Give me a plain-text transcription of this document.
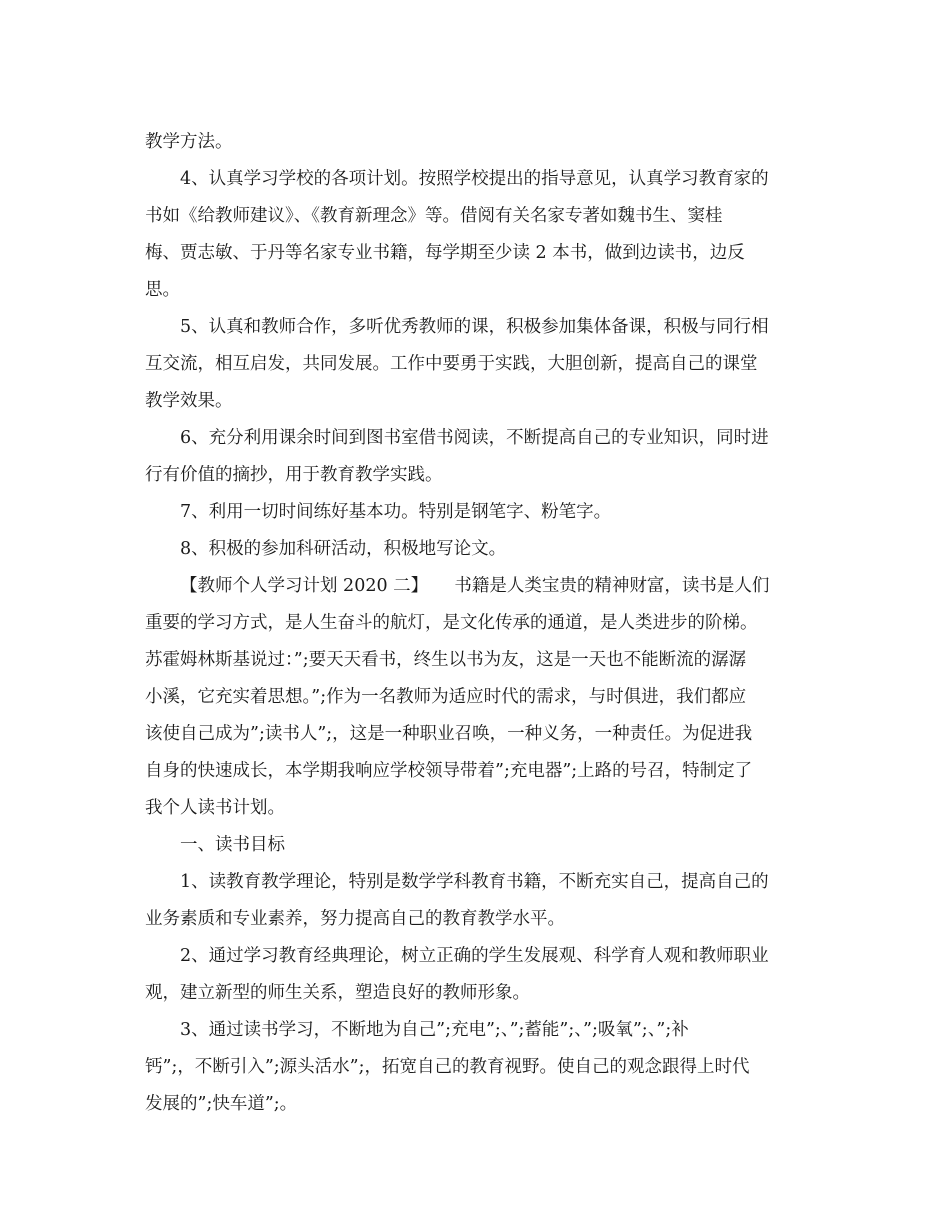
教学方法。
4、认真学习学校的各项计划。按照学校提出的指导意见，认真学习教育家的
书如《给教师建议》、《教育新理念》等。借阅有关名家专著如魏书生、窦桂
梅、贾志敏、于丹等名家专业书籍，每学期至少读 2 本书，做到边读书，边反
思。
5、认真和教师合作，多听优秀教师的课，积极参加集体备课，积极与同行相
互交流，相互启发，共同发展。工作中要勇于实践，大胆创新，提高自己的课堂
教学效果。
6、充分利用课余时间到图书室借书阅读，不断提高自己的专业知识，同时进
行有价值的摘抄，用于教育教学实践。
7、利用一切时间练好基本功。特别是钢笔字、粉笔字。
8、积极的参加科研活动，积极地写论文。
【教师个人学习计划 2020 二】　　书籍是人类宝贵的精神财富，读书是人们
重要的学习方式，是人生奋斗的航灯，是文化传承的通道，是人类进步的阶梯。
苏霍姆林斯基说过：”;要天天看书，终生以书为友，这是一天也不能断流的潺潺
小溪，它充实着思想。”;作为一名教师为适应时代的需求，与时俱进，我们都应
该使自己成为”;读书人”;，这是一种职业召唤，一种义务，一种责任。为促进我
自身的快速成长，本学期我响应学校领导带着”;充电器”;上路的号召，特制定了
我个人读书计划。
一、读书目标
1、读教育教学理论，特别是数学学科教育书籍，不断充实自己，提高自己的
业务素质和专业素养，努力提高自己的教育教学水平。
2、通过学习教育经典理论，树立正确的学生发展观、科学育人观和教师职业
观，建立新型的师生关系，塑造良好的教师形象。
3、通过读书学习，不断地为自己”;充电”;、”;蓄能”;、”;吸氧”;、”;补
钙”;，不断引入”;源头活水”;，拓宽自己的教育视野。使自己的观念跟得上时代
发展的”;快车道”;。
